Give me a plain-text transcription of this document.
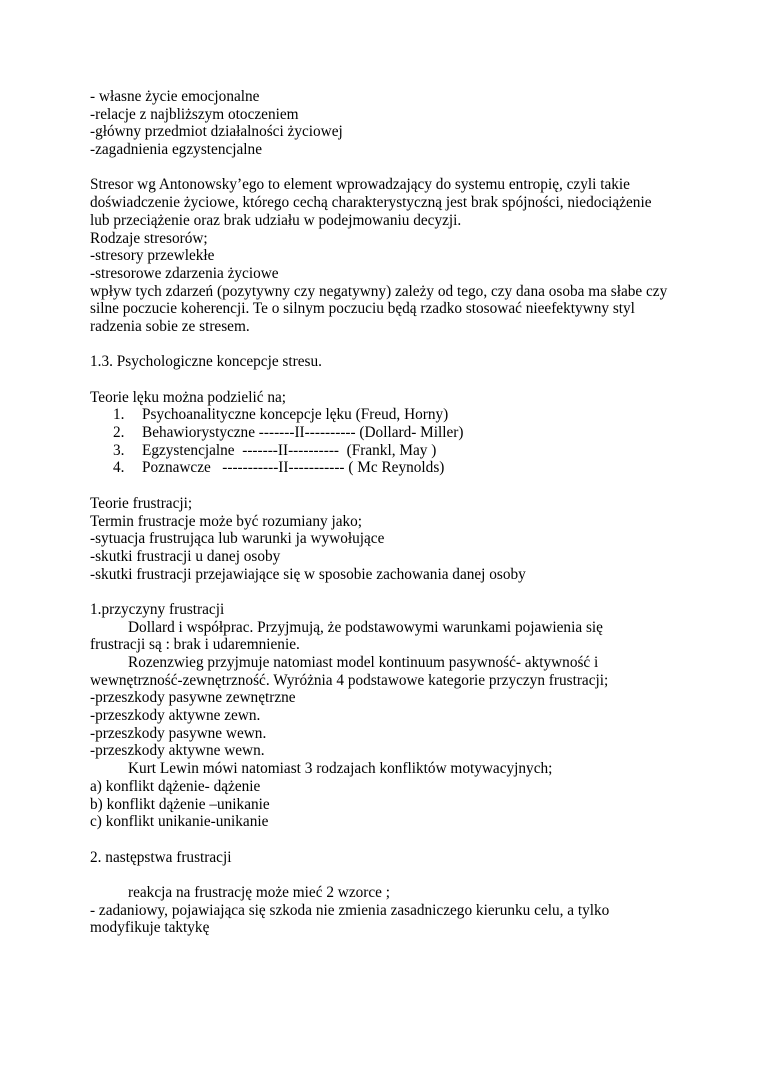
- własne życie emocjonalne
-relacje z najbliższym otoczeniem
-główny przedmiot działalności życiowej
-zagadnienia egzystencjalne
Stresor wg Antonowsky’ego to element wprowadzający do systemu entropię, czyli takie
doświadczenie życiowe, którego cechą charakterystyczną jest brak spójności, niedociążenie
lub przeciążenie oraz brak udziału w podejmowaniu decyzji.
Rodzaje stresorów;
-stresory przewlekłe
-stresorowe zdarzenia życiowe
wpływ tych zdarzeń (pozytywny czy negatywny) zależy od tego, czy dana osoba ma słabe czy
silne poczucie koherencji. Te o silnym poczuciu będą rzadko stosować nieefektywny styl
radzenia sobie ze stresem.
1.3. Psychologiczne koncepcje stresu.
Teorie lęku można podzielić na;
1.	Psychoanalityczne koncepcje lęku (Freud, Horny)
2.	Behawiorystyczne -------II---------- (Dollard- Miller)
3.	Egzystencjalne  -------II----------  (Frankl, May )
4.	Poznawcze   -----------II----------- ( Mc Reynolds)
Teorie frustracji;
Termin frustracje może być rozumiany jako;
-sytuacja frustrująca lub warunki ja wywołujące
-skutki frustracji u danej osoby
-skutki frustracji przejawiające się w sposobie zachowania danej osoby
1.przyczyny frustracji
Dollard i współprac. Przyjmują, że podstawowymi warunkami pojawienia się
frustracji są : brak i udaremnienie.
Rozenzwieg przyjmuje natomiast model kontinuum pasywność- aktywność i
wewnętrzność-zewnętrzność. Wyróżnia 4 podstawowe kategorie przyczyn frustracji;
-przeszkody pasywne zewnętrzne
-przeszkody aktywne zewn.
-przeszkody pasywne wewn.
-przeszkody aktywne wewn.
Kurt Lewin mówi natomiast 3 rodzajach konfliktów motywacyjnych;
a) konflikt dążenie- dążenie
b) konflikt dążenie –unikanie
c) konflikt unikanie-unikanie
2. następstwa frustracji
reakcja na frustrację może mieć 2 wzorce ;
- zadaniowy, pojawiająca się szkoda nie zmienia zasadniczego kierunku celu, a tylko
modyfikuje taktykę
